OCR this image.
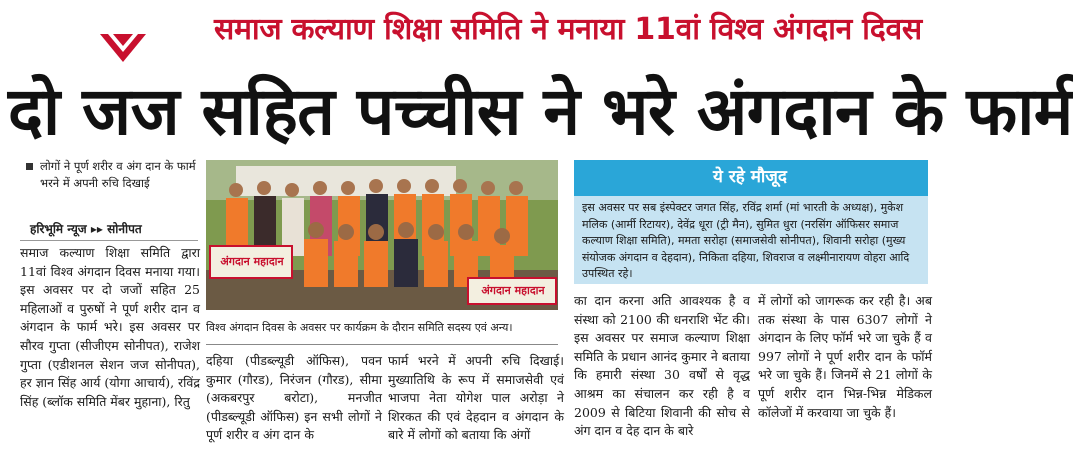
समाज कल्याण शिक्षा समिति ने मनाया 11वां विश्व अंगदान दिवस
दो जज सहित पच्चीस ने भरे अंगदान के फार्म
लोगों ने पूर्ण शरीर व अंग दान के फार्म भरने में अपनी रुचि दिखाई
हरिभूमि न्यूज ▸▸ सोनीपत
समाज कल्याण शिक्षा समिति द्वारा 11वां विश्व अंगदान दिवस मनाया गया। इस अवसर पर दो जजों सहित 25 महिलाओं व पुरुषों ने पूर्ण शरीर दान व अंगदान के फार्म भरे। इस अवसर पर सौरव गुप्ता (सीजीएम सोनीपत), राजेश गुप्ता (एडीशनल सेशन जज सोनीपत), हर ज्ञान सिंह आर्य (योगा आचार्य), रविंद्र सिंह (ब्लॉक समिति मेंबर मुहाना), रितु
अंगदान महादान
अंगदान महादान
विश्व अंगदान दिवस के अवसर पर कार्यक्रम के दौरान समिति सदस्य एवं अन्य।
दहिया (पीडब्ल्यूडी ऑफिस), पवन कुमार (गौरड), निरंजन (गौरड), सीमा (अकबरपुर बरोटा), मनजीत (पीडब्ल्यूडी ऑफिस) इन सभी लोगों ने पूर्ण शरीर व अंग दान के
फार्म भरने में अपनी रुचि दिखाई। मुख्यातिथि के रूप में समाजसेवी एवं भाजपा नेता योगेश पाल अरोड़ा ने शिरकत की एवं देहदान व अंगदान के बारे में लोगों को बताया कि अंगों
ये रहे मौजूद
इस अवसर पर सब इंस्पेक्टर जगत सिंह, रविंद्र शर्मा (मां भारती के अध्यक्ष), मुकेश मलिक (आर्मी रिटायर), देवेंद्र धूरा (ट्री मैन), सुमित धुरा (नरसिंग ऑफिसर समाज कल्याण शिक्षा समिति), ममता सरोहा (समाजसेवी सोनीपत), शिवानी सरोहा (मुख्य संयोजक अंगदान व देहदान), निकिता दहिया, शिवराज व लक्ष्मीनारायण वोहरा आदि उपस्थित रहे।
का दान करना अति आवश्यक है व संस्था को 2100 की धनराशि भेंट की। इस अवसर पर समाज कल्याण शिक्षा समिति के प्रधान आनंद कुमार ने बताया कि हमारी संस्था 30 वर्षों से वृद्ध आश्रम का संचालन कर रही है व 2009 से बिटिया शिवानी की सोच से अंग दान व देह दान के बारे
में लोगों को जागरूक कर रही है। अब तक संस्था के पास 6307 लोगों ने अंगदान के लिए फॉर्म भरे जा चुके हैं व 997 लोगों ने पूर्ण शरीर दान के फॉर्म भरे जा चुके हैं। जिनमें से 21 लोगों के पूर्ण शरीर दान भिन्न-भिन्न मेडिकल कॉलेजों में करवाया जा चुके हैं।
